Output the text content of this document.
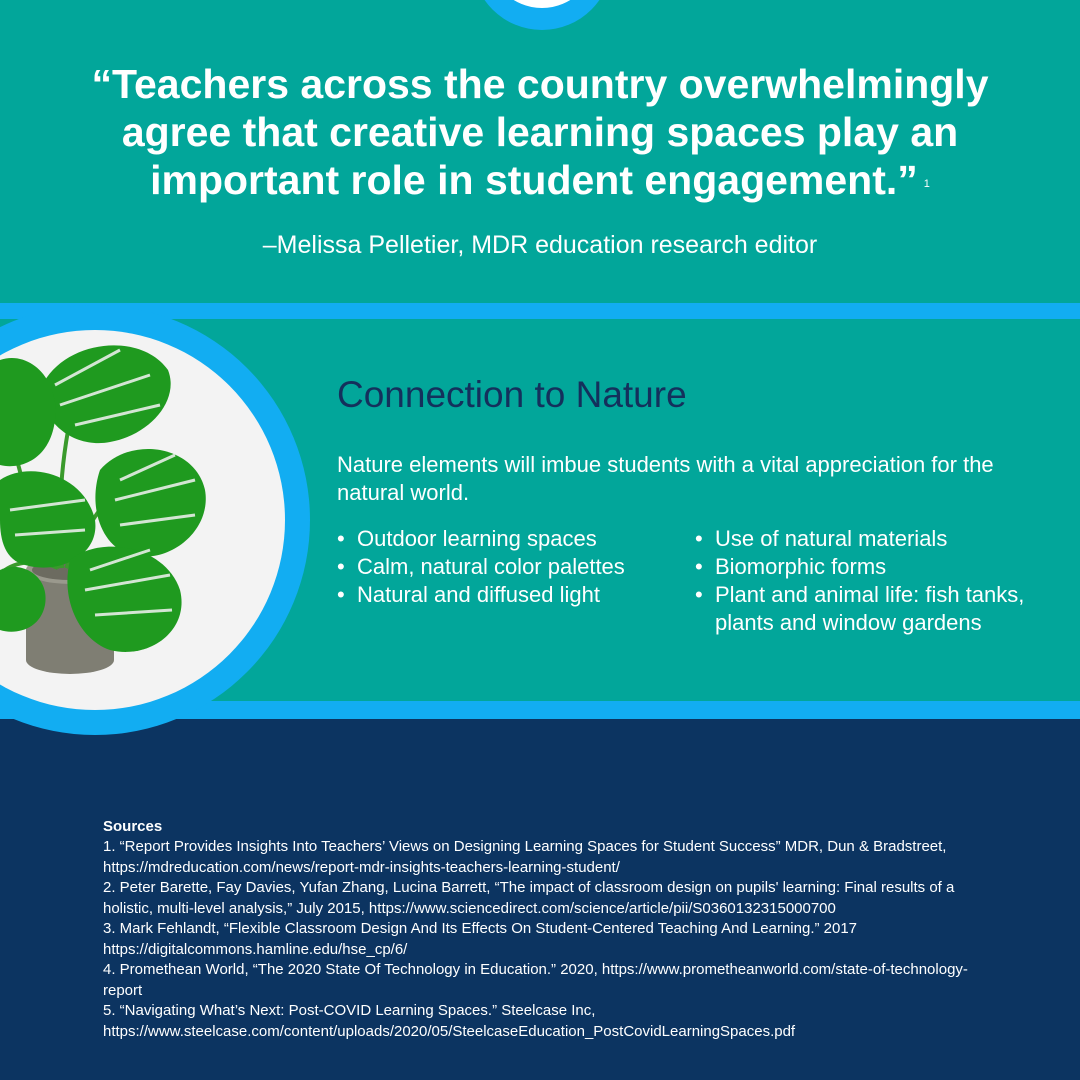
“Teachers across the country overwhelmingly agree that creative learning spaces play an important role in student engagement.” $^1$

–Melissa Pelletier, MDR education research editor
Connection to Nature

Nature elements will imbue students with a vital appreciation for the natural world.

• Outdoor learning spaces
• Calm, natural color palettes
• Natural and diffused light
• Use of natural materials
• Biomorphic forms
• Plant and animal life: fish tanks, plants and window gardens
Sources
1. “Report Provides Insights Into Teachers’ Views on Designing Learning Spaces for Student Success” MDR, Dun & Bradstreet, https://mdreducation.com/news/report-mdr-insights-teachers-learning-student/
2. Peter Barette, Fay Davies, Yufan Zhang, Lucina Barrett, “The impact of classroom design on pupils' learning: Final results of a holistic, multi-level analysis,” July 2015, https://www.sciencedirect.com/science/article/pii/S0360132315000700
3. Mark Fehlandt, “Flexible Classroom Design And Its Effects On Student-Centered Teaching And Learning.” 2017 https://digitalcommons.hamline.edu/hse_cp/6/
4. Promethean World, “The 2020 State Of Technology in Education.” 2020, https://www.prometheanworld.com/state-of-technology-report
5. “Navigating What’s Next: Post-COVID Learning Spaces.” Steelcase Inc, https://www.steelcase.com/content/uploads/2020/05/SteelcaseEducation_PostCovidLearningSpaces.pdf
